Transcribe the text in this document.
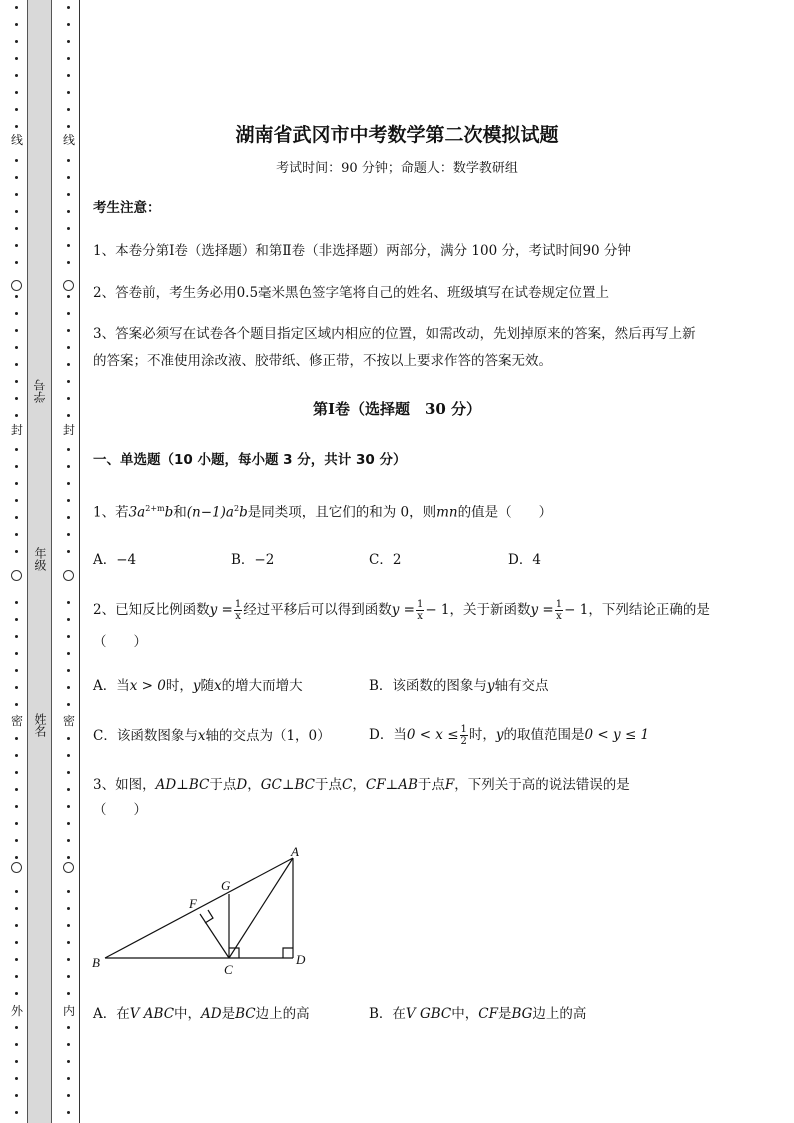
线
封
密
外
线
封
密
内
学号
年级
姓名
湖南省武冈市中考数学第二次模拟试题
考试时间：90 分钟；命题人：数学教研组
考生注意：
1、本卷分第Ⅰ卷（选择题）和第Ⅱ卷（非选择题）两部分，满分 100 分，考试时间90 分钟
2、答卷前，考生务必用0.5毫米黑色签字笔将自己的姓名、班级填写在试卷规定位置上
3、答案必须写在试卷各个题目指定区域内相应的位置，如需改动，先划掉原来的答案，然后再写上新
的答案；不准使用涂改液、胶带纸、修正带，不按以上要求作答的答案无效。
第Ⅰ卷（选择题　30 分）
一、单选题（10 小题，每小题 3 分，共计 30 分）
1、若$3a^{2+m}b$和$(n-1)a^2b$是同类项，且它们的和为 0，则mn的值是（　　）
A．−4	B．−2	C．2	D．4
2、已知反比例函数$y = \frac{1}{x}$ 经过平移后可以得到函数$y = \frac{1}{x} - 1$，关于新函数$y = \frac{1}{x} - 1$，下列结论正确的是
（　　）
A．当x > 0时，y随x的增大而增大	B．该函数的图象与y轴有交点
C．该函数图象与x轴的交点为（1，0）	D．当$0 < x \le \frac{1}{2}$ 时，y的取值范围是0 < y ≤ 1
3、如图，AD⊥BC于点D，GC⊥BC于点C，CF⊥AB于点F，下列关于高的说法错误的是
（　　）
A
B	C
D
F
G
A．在V ABC中，AD是BC边上的高	B．在V GBC中，CF是BG边上的高
